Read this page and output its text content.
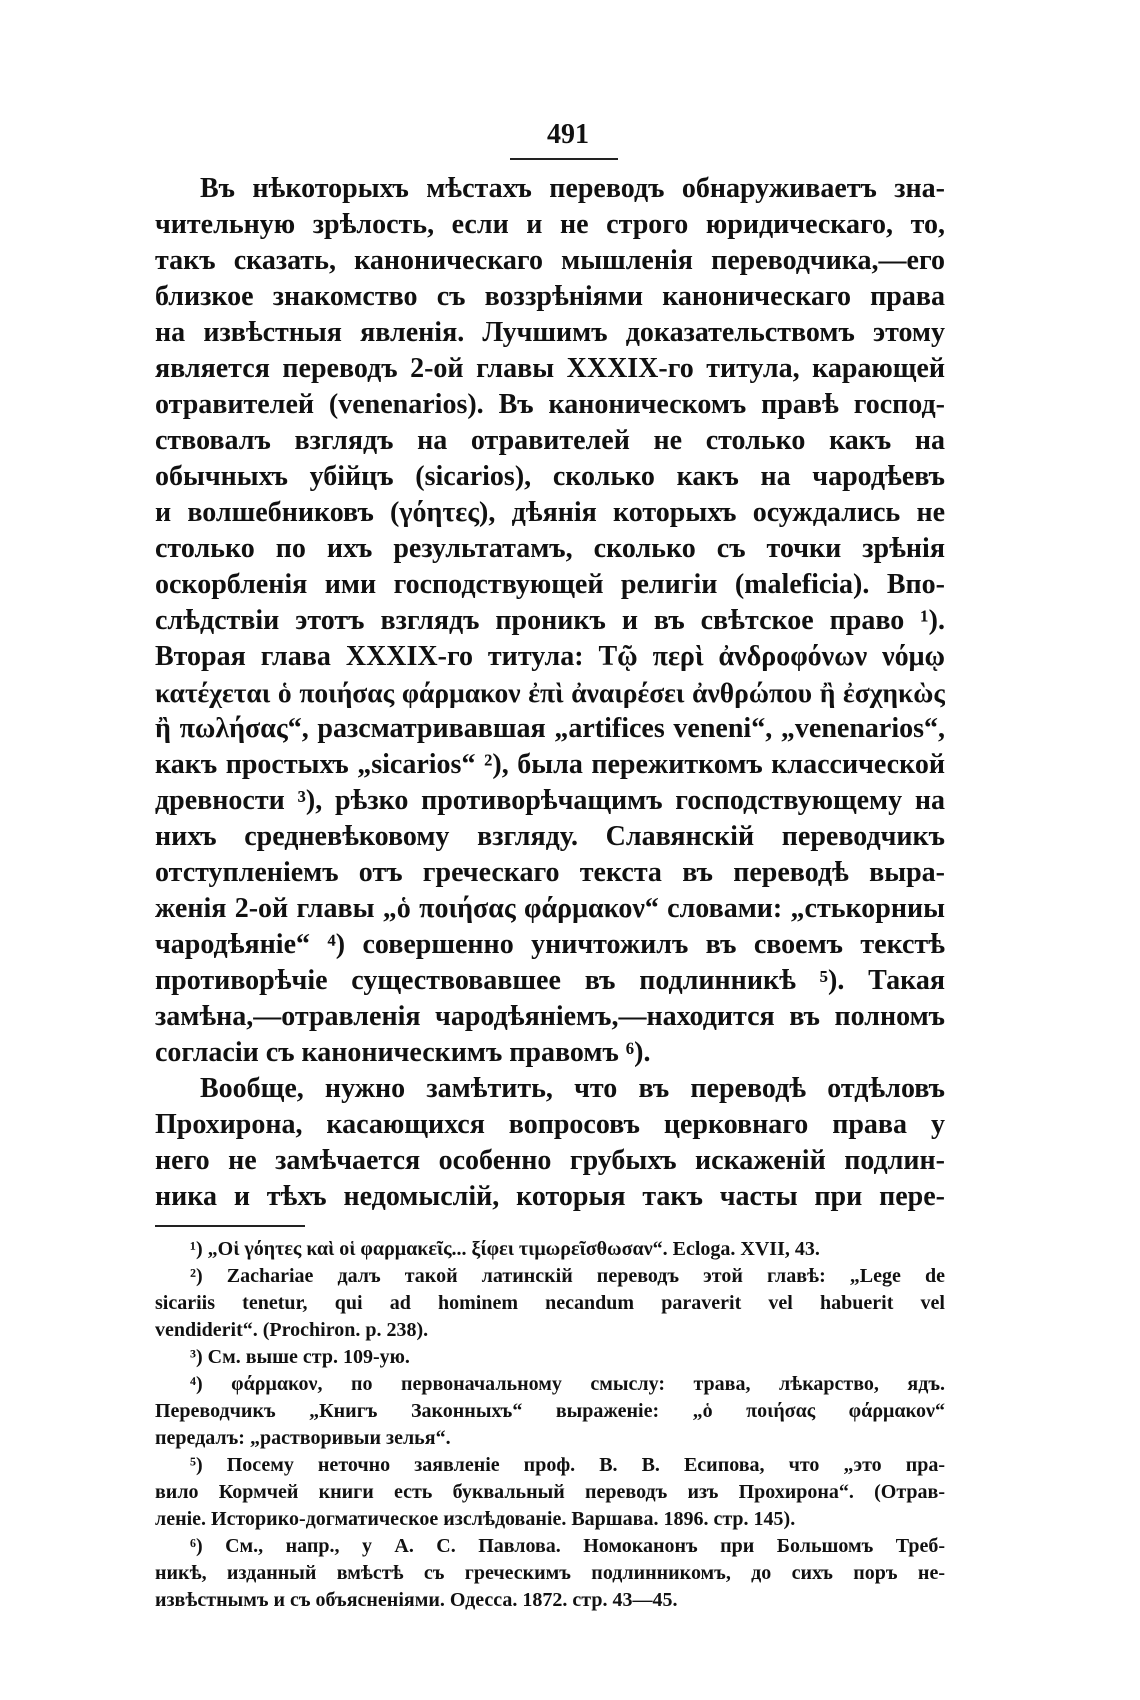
491
Въ нѣкоторыхъ мѣстахъ переводъ обнаруживаетъ зна-
чительную зрѣлость, если и не строго юридическаго, то,
такъ сказать, каноническаго мышленія переводчика,—его
близкое знакомство съ воззрѣніями каноническаго права
на извѣстныя явленія. Лучшимъ доказательствомъ этому
является переводъ 2-ой главы XXXIX-го титула, карающей
отравителей (venenarios). Въ каноническомъ правѣ господ-
ствовалъ взглядъ на отравителей не столько какъ на
обычныхъ убійцъ (sicarios), сколько какъ на чародѣевъ
и волшебниковъ (γόητες), дѣянія которыхъ осуждались не
столько по ихъ результатамъ, сколько съ точки зрѣнія
оскорбленія ими господствующей религіи (maleficia). Впо-
слѣдствіи этотъ взглядъ проникъ и въ свѣтское право ¹).
Вторая глава XXXIX-го титула: Τῷ περὶ ἀνδροφόνων νόμῳ
κατέχεται ὁ ποιήσας φάρμακον ἐπὶ ἀναιρέσει ἀνθρώπου ἢ ἐσχηκὼς
ἢ πωλήσας“, разсматривавшая „artifices veneni“, „venenarios“,
какъ простыхъ „sicarios“ ²), была пережиткомъ классической
древности ³), рѣзко противорѣчащимъ господствующему на
нихъ средневѣковому взгляду. Славянскій переводчикъ
отступленіемъ отъ греческаго текста въ переводѣ выра-
женія 2-ой главы „ὁ ποιήσας φάρμακον“ словами: „стькорниы
чародѣяніе“ ⁴) совершенно уничтожилъ въ своемъ текстѣ
противорѣчіе существовавшее въ подлинникѣ ⁵). Такая
замѣна,—отравленія чародѣяніемъ,—находится въ полномъ
согласіи съ каноническимъ правомъ ⁶).
Вообще, нужно замѣтить, что въ переводѣ отдѣловъ
Прохирона, касающихся вопросовъ церковнаго права у
него не замѣчается особенно грубыхъ искаженій подлин-
ника и тѣхъ недомыслій, которыя такъ часты при пере-
¹) „Οἱ γόητες καὶ οἱ φαρμακεῖς... ξίφει τιμωρεῖσθωσαν“. Ecloga. XVII, 43.
²) Zachariae далъ такой латинскій переводъ этой главѣ: „Lege de
sicariis tenetur, qui ad hominem necandum paraverit vel habuerit vel
vendiderit“. (Prochiron. p. 238).
³) См. выше стр. 109-ую.
⁴) φάρμακον, по первоначальному смыслу: трава, лѣкарство, ядъ.
Переводчикъ „Книгъ Законныхъ“ выраженіе: „ὁ ποιήσας φάρμακον“
передалъ: „растворивыи зелья“.
⁵) Посему неточно заявленіе проф. В. В. Есипова, что „это пра-
вило Кормчей книги есть буквальный переводъ изъ Прохирона“. (Отрав-
леніе. Историко-догматическое изслѣдованіе. Варшава. 1896. стр. 145).
⁶) См., напр., у А. С. Павлова. Номоканонъ при Большомъ Треб-
никѣ, изданный вмѣстѣ съ греческимъ подлинникомъ, до сихъ поръ не-
извѣстнымъ и съ объясненіями. Одесса. 1872. стр. 43—45.
